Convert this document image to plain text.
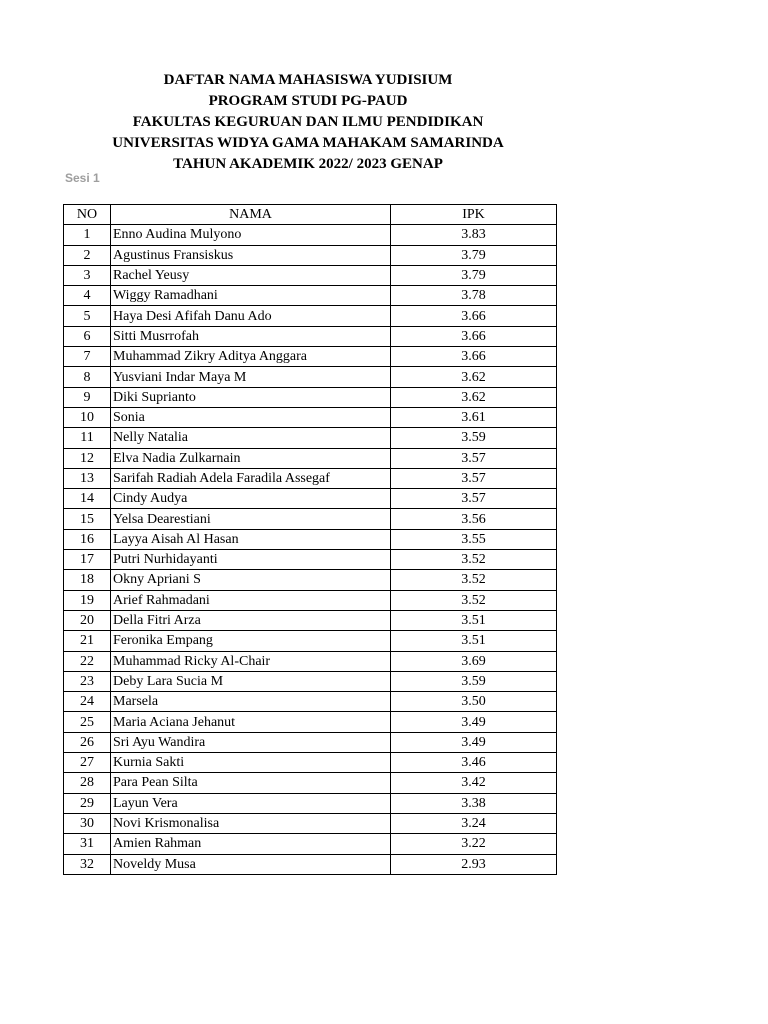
DAFTAR NAMA MAHASISWA YUDISIUM
PROGRAM STUDI PG-PAUD
FAKULTAS KEGURUAN DAN ILMU PENDIDIKAN
UNIVERSITAS WIDYA GAMA MAHAKAM SAMARINDA
TAHUN AKADEMIK 2022/ 2023 GENAP
Sesi 1
NO	NAMA	IPK
1	Enno Audina Mulyono	3.83
2	Agustinus Fransiskus	3.79
3	Rachel Yeusy	3.79
4	Wiggy Ramadhani	3.78
5	Haya Desi Afifah Danu Ado	3.66
6	Sitti Musrrofah	3.66
7	Muhammad Zikry Aditya Anggara	3.66
8	Yusviani Indar Maya M	3.62
9	Diki Suprianto	3.62
10	Sonia	3.61
11	Nelly Natalia	3.59
12	Elva Nadia Zulkarnain	3.57
13	Sarifah Radiah Adela Faradila Assegaf	3.57
14	Cindy Audya	3.57
15	Yelsa Dearestiani	3.56
16	Layya Aisah Al Hasan	3.55
17	Putri Nurhidayanti	3.52
18	Okny Apriani S	3.52
19	Arief Rahmadani	3.52
20	Della Fitri Arza	3.51
21	Feronika Empang	3.51
22	Muhammad Ricky Al-Chair	3.69
23	Deby Lara Sucia M	3.59
24	Marsela	3.50
25	Maria Aciana Jehanut	3.49
26	Sri Ayu Wandira	3.49
27	Kurnia Sakti	3.46
28	Para Pean Silta	3.42
29	Layun Vera	3.38
30	Novi Krismonalisa	3.24
31	Amien Rahman	3.22
32	Noveldy Musa	2.93
